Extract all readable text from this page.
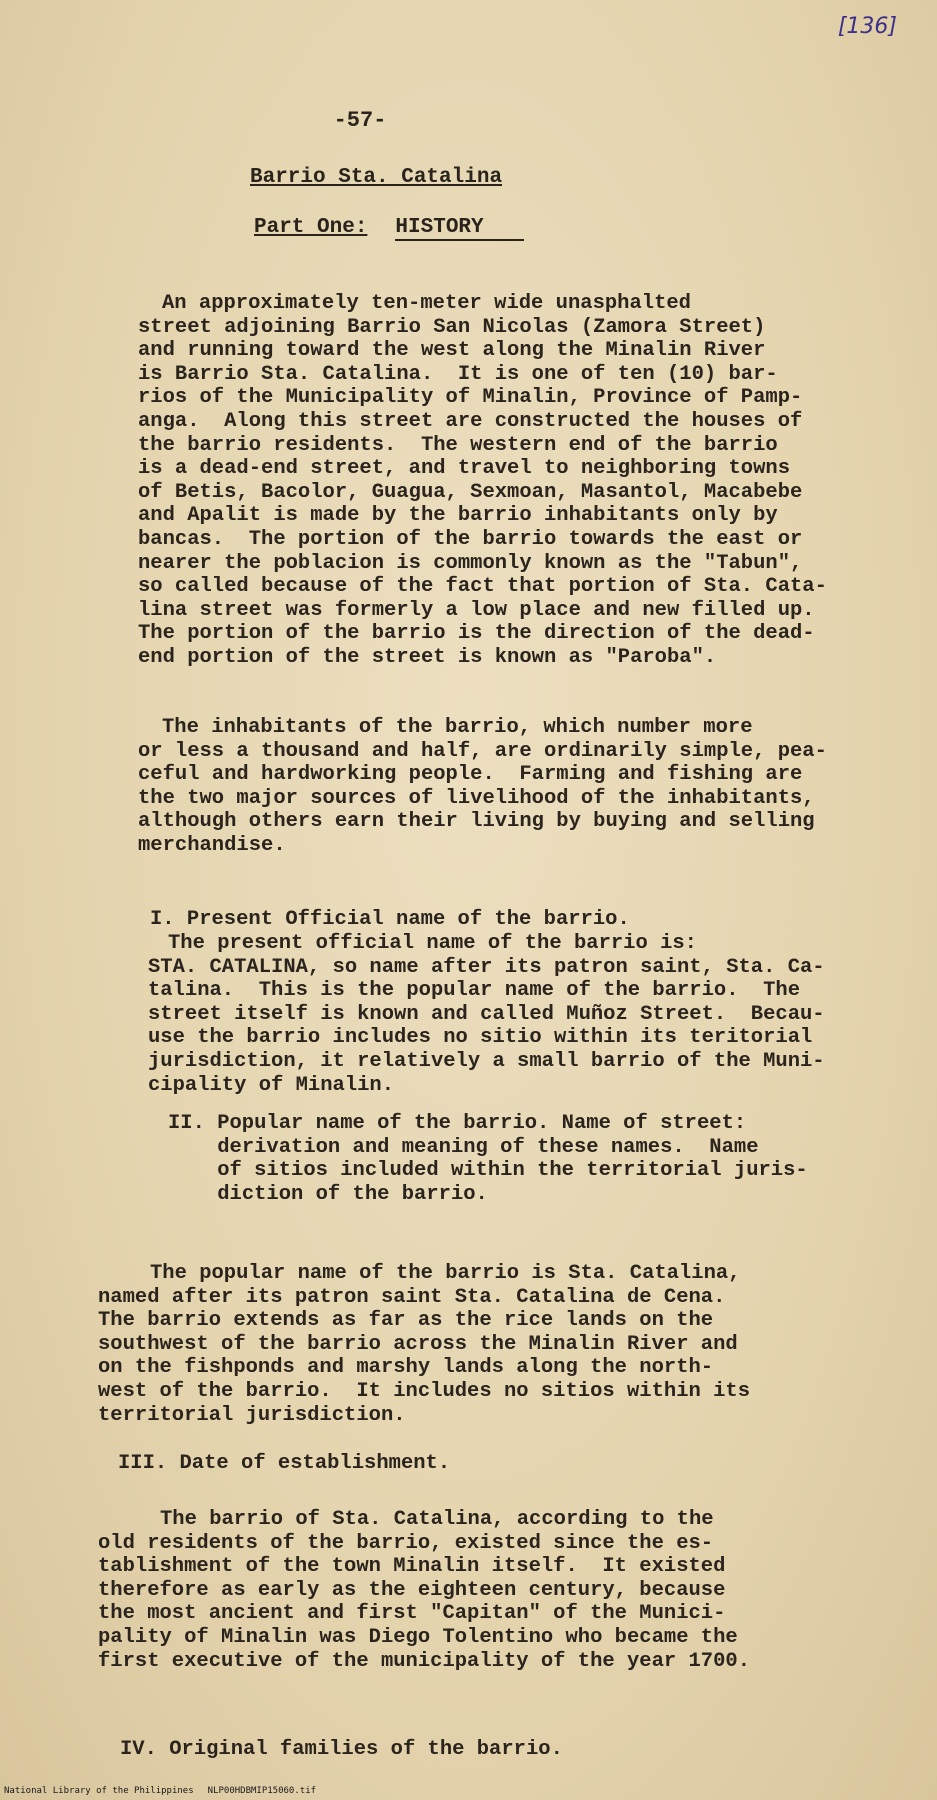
[136]
-57-
Barrio Sta. Catalina
Part One: HISTORY

An approximately ten-meter wide unasphalted

street adjoining Barrio San Nicolas (Zamora Street)

and running toward the west along the Minalin River

is Barrio Sta. Catalina.  It is one of ten (10) bar-

rios of the Municipality of Minalin, Province of Pamp-

anga.  Along this street are constructed the houses of

the barrio residents.  The western end of the barrio

is a dead-end street, and travel to neighboring towns

of Betis, Bacolor, Guagua, Sexmoan, Masantol, Macabebe

and Apalit is made by the barrio inhabitants only by

bancas.  The portion of the barrio towards the east or

nearer the poblacion is commonly known as the "Tabun",

so called because of the fact that portion of Sta. Cata-

lina street was formerly a low place and new filled up.

The portion of the barrio is the direction of the dead-

end portion of the street is known as "Paroba".

The inhabitants of the barrio, which number more

or less a thousand and half, are ordinarily simple, pea-

ceful and hardworking people.  Farming and fishing are

the two major sources of livelihood of the inhabitants,

although others earn their living by buying and selling

merchandise.

I. Present Official name of the barrio.

The present official name of the barrio is:

STA. CATALINA, so name after its patron saint, Sta. Ca-

talina.  This is the popular name of the barrio.  The

street itself is known and called Muñoz Street.  Becau-

use the barrio includes no sitio within its teritorial

jurisdiction, it relatively a small barrio of the Muni-

cipality of Minalin.

II. Popular name of the barrio. Name of street:

derivation and meaning of these names.  Name

of sitios included within the territorial juris-

diction of the barrio.

The popular name of the barrio is Sta. Catalina,

named after its patron saint Sta. Catalina de Cena.

The barrio extends as far as the rice lands on the

southwest of the barrio across the Minalin River and

on the fishponds and marshy lands along the north-

west of the barrio.  It includes no sitios within its

territorial jurisdiction.

III. Date of establishment.

The barrio of Sta. Catalina, according to the

old residents of the barrio, existed since the es-

tablishment of the town Minalin itself.  It existed

therefore as early as the eighteen century, because

the most ancient and first "Capitan" of the Munici-

pality of Minalin was Diego Tolentino who became the

first executive of the municipality of the year 1700.

IV. Original families of the barrio.

National Library of the Philippines NLP00HDBMIP15060.tif
